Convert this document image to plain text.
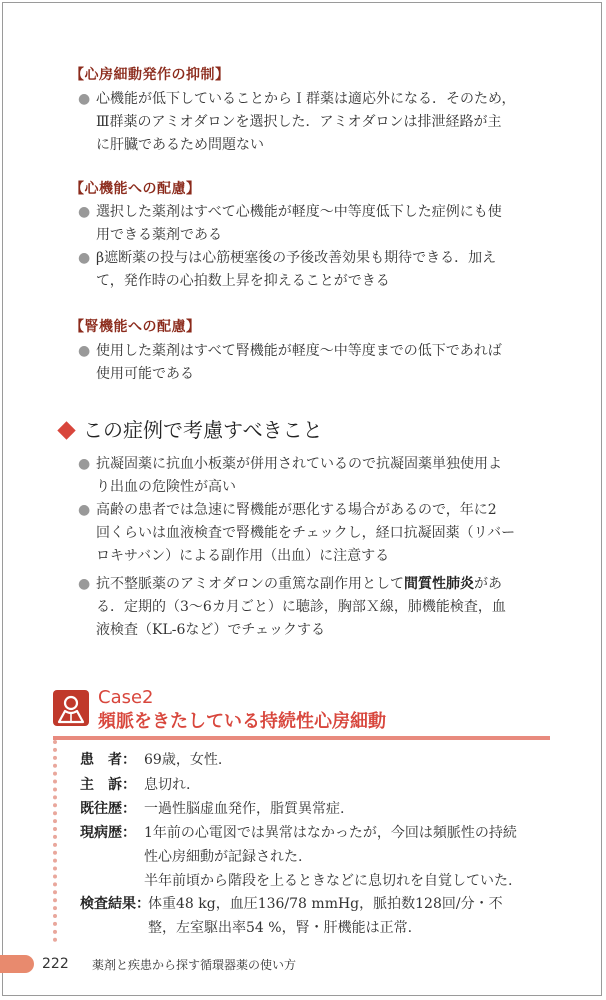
【心房細動発作の抑制】
● 心機能が低下していることからＩ群薬は適応外になる．そのため，
Ⅲ群薬のアミオダロンを選択した．アミオダロンは排泄経路が主
に肝臓であるため問題ない
【心機能への配慮】
● 選択した薬剤はすべて心機能が軽度～中等度低下した症例にも使
用できる薬剤である
● β遮断薬の投与は心筋梗塞後の予後改善効果も期待できる．加え
て，発作時の心拍数上昇を抑えることができる
【腎機能への配慮】
● 使用した薬剤はすべて腎機能が軽度～中等度までの低下であれば
使用可能である
この症例で考慮すべきこと
● 抗凝固薬に抗血小板薬が併用されているので抗凝固薬単独使用よ
り出血の危険性が高い
● 高齢の患者では急速に腎機能が悪化する場合があるので，年に2
回くらいは血液検査で腎機能をチェックし，経口抗凝固薬（リバー
ロキサバン）による副作用（出血）に注意する
● 抗不整脈薬のアミオダロンの重篤な副作用として間質性肺炎があ
る．定期的（3～6カ月ごと）に聴診，胸部Ｘ線，肺機能検査，血
液検査（KL-6など）でチェックする
Case2
頻脈をきたしている持続性心房細動
患　者： 69歳，女性.
主　訴： 息切れ.
既往歴： 一過性脳虚血発作，脂質異常症.
現病歴： 1年前の心電図では異常はなかったが，今回は頻脈性の持続
性心房細動が記録された.
半年前頃から階段を上るときなどに息切れを自覚していた.
検査結果：
体重48 kg，血圧136/78 mmHg，脈拍数128回/分・不
整，左室駆出率54 %，腎・肝機能は正常.
222 薬剤と疾患から探す循環器薬の使い方
